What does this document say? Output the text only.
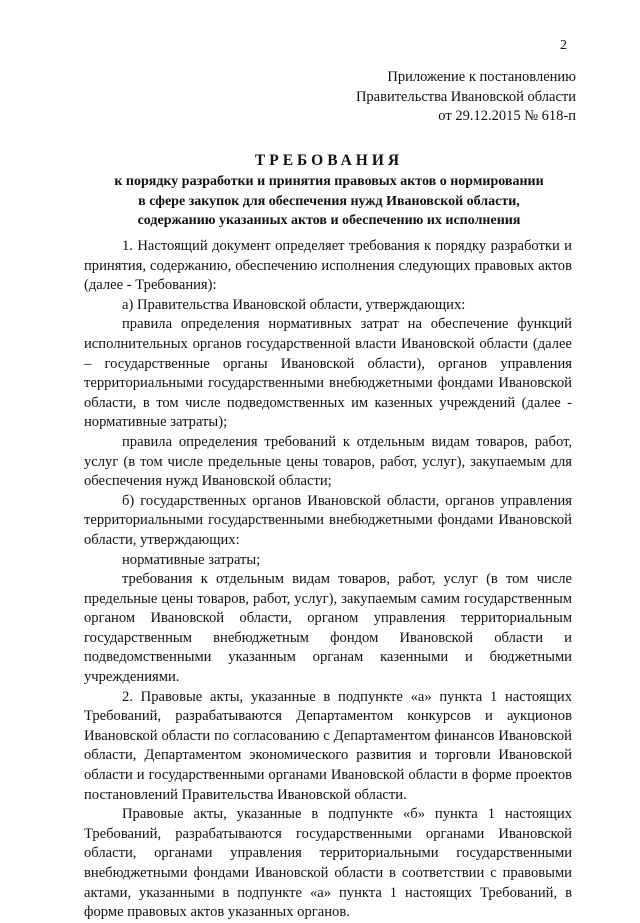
2
Приложение к постановлению
Правительства Ивановской области
от 29.12.2015 № 618-п
ТРЕБОВАНИЯ
к порядку разработки и принятия правовых актов о нормировании
в сфере закупок для обеспечения нужд Ивановской области,
содержанию указанных актов и обеспечению их исполнения

1. Настоящий документ определяет требования к порядку разработки и принятия, содержанию, обеспечению исполнения следующих правовых актов (далее - Требования):

а) Правительства Ивановской области, утверждающих:

правила определения нормативных затрат на обеспечение функций исполнительных органов государственной власти Ивановской области (далее – государственные органы Ивановской области), органов управления территориальными государственными внебюджетными фондами Ивановской области, в том числе подведомственных им казенных учреждений (далее - нормативные затраты);

правила определения требований к отдельным видам товаров, работ, услуг (в том числе предельные цены товаров, работ, услуг), закупаемым для обеспечения нужд Ивановской области;

б) государственных органов Ивановской области, органов управления территориальными государственными внебюджетными фондами Ивановской области, утверждающих:

нормативные затраты;

требования к отдельным видам товаров, работ, услуг (в том числе предельные цены товаров, работ, услуг), закупаемым самим государственным органом Ивановской области, органом управления территориальным государственным внебюджетным фондом Ивановской области и подведомственными указанным органам казенными и бюджетными учреждениями.

2. Правовые акты, указанные в подпункте «а» пункта 1 настоящих Требований, разрабатываются Департаментом конкурсов и аукционов Ивановской области по согласованию с Департаментом финансов Ивановской области, Департаментом экономического развития и торговли Ивановской области и государственными органами Ивановской области в форме проектов постановлений Правительства Ивановской области.

Правовые акты, указанные в подпункте «б» пункта 1 настоящих Требований, разрабатываются государственными органами Ивановской области, органами управления территориальными государственными внебюджетными фондами Ивановской области в соответствии с правовыми актами, указанными в подпункте «а» пункта 1 настоящих Требований, в форме правовых актов указанных органов.
